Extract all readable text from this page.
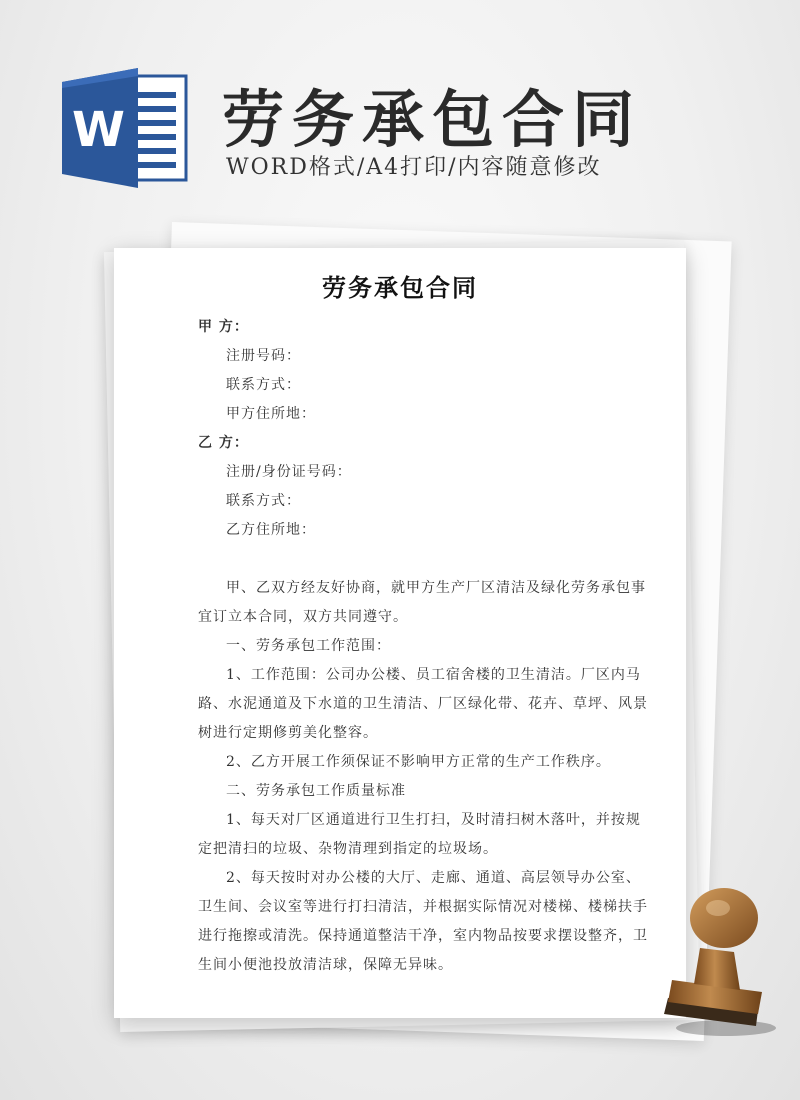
W 劳务承包合同
WORD格式/A4打印/内容随意修改
劳务承包合同
甲 方：
注册号码：
联系方式：
甲方住所地：
乙 方：
注册/身份证号码：
联系方式：
乙方住所地：
甲、乙双方经友好协商，就甲方生产厂区清洁及绿化劳务承包事
宜订立本合同，双方共同遵守。
一、劳务承包工作范围：
1、工作范围：公司办公楼、员工宿舍楼的卫生清洁。厂区内马
路、水泥通道及下水道的卫生清洁、厂区绿化带、花卉、草坪、风景
树进行定期修剪美化整容。
2、乙方开展工作须保证不影响甲方正常的生产工作秩序。
二、劳务承包工作质量标准
1、每天对厂区通道进行卫生打扫，及时清扫树木落叶，并按规
定把清扫的垃圾、杂物清理到指定的垃圾场。
2、每天按时对办公楼的大厅、走廊、通道、高层领导办公室、
卫生间、会议室等进行打扫清洁，并根据实际情况对楼梯、楼梯扶手
进行拖擦或清洗。保持通道整洁干净，室内物品按要求摆设整齐，卫
生间小便池投放清洁球，保障无异味。
